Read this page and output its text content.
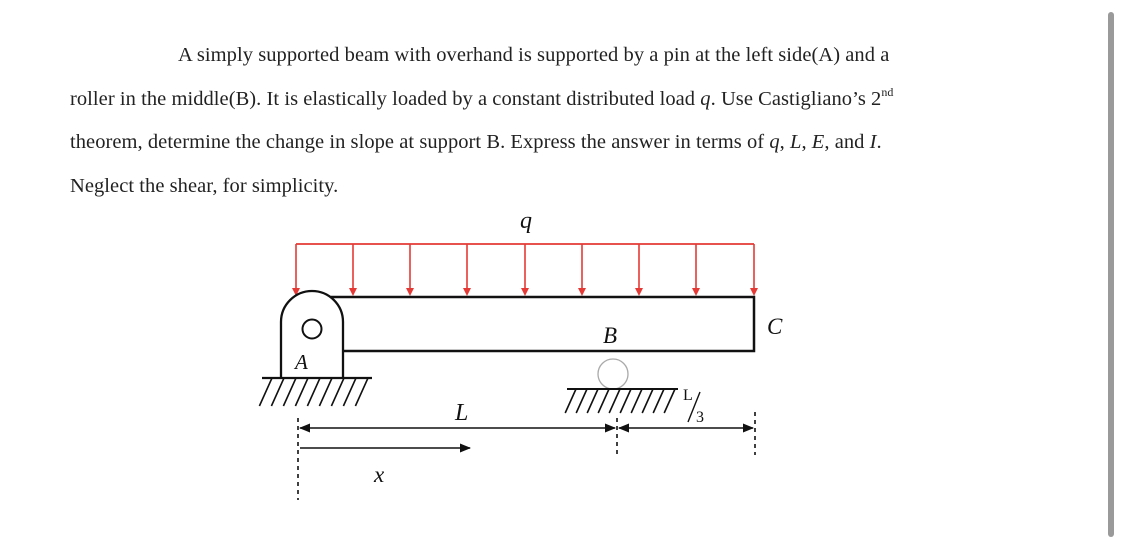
A simply supported beam with overhand is supported by a pin at the left side(A) and a
roller in the middle(B). It is elastically loaded by a constant distributed load q. Use Castigliano’s 2nd
theorem, determine the change in slope at support B. Express the answer in terms of q, L, E, and I.
Neglect the shear, for simplicity.
q
A
B	C
L
L
3
x
